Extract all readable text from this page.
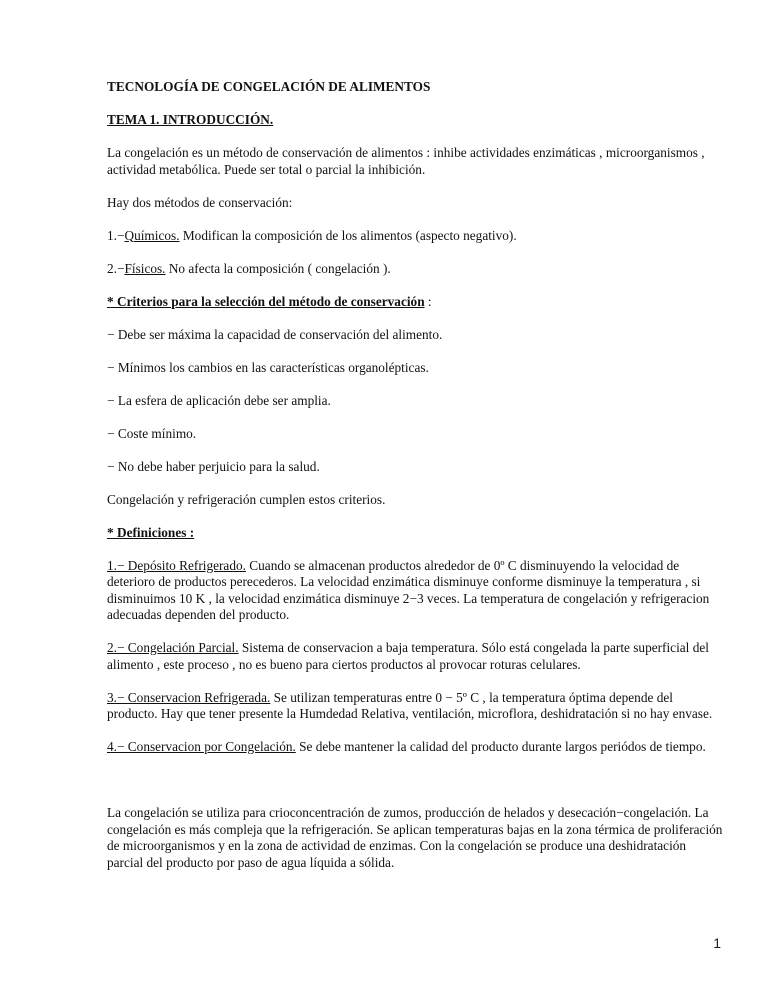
TECNOLOGÍA DE CONGELACIÓN DE ALIMENTOS

TEMA 1. INTRODUCCIÓN.

La congelación es un método de conservación de alimentos : inhibe actividades enzimáticas , microorganismos , actividad metabólica. Puede ser total o parcial la inhibición.

Hay dos métodos de conservación:

1.−Químicos. Modifican la composición de los alimentos (aspecto negativo).

2.−Físicos. No afecta la composición ( congelación ).

* Criterios para la selección del método de conservación :

− Debe ser máxima la capacidad de conservación del alimento.

− Mínimos los cambios en las características organolépticas.

− La esfera de aplicación debe ser amplia.

− Coste mínimo.

− No debe haber perjuicio para la salud.

Congelación y refrigeración cumplen estos criterios.

* Definiciones :

1.− Depósito Refrigerado. Cuando se almacenan productos alrededor de 0º C disminuyendo la velocidad de deterioro de productos perecederos. La velocidad enzimática disminuye conforme disminuye la temperatura , si disminuimos 10 K , la velocidad enzimática disminuye 2−3 veces. La temperatura de congelación y refrigeracion adecuadas dependen del producto.

2.− Congelación Parcial. Sistema de conservacion a baja temperatura. Sólo está congelada la parte superficial del alimento , este proceso , no es bueno para ciertos productos al provocar roturas celulares.

3.− Conservacion Refrigerada. Se utilizan temperaturas entre 0 − 5º C , la temperatura óptima depende del producto. Hay que tener presente la Humdedad Relativa, ventilación, microflora, deshidratación si no hay envase.

4.− Conservacion por Congelación. Se debe mantener la calidad del producto durante largos periódos de tiempo.

La congelación se utiliza para crioconcentración de zumos, producción de helados y desecación−congelación. La congelación es más compleja que la refrigeración. Se aplican temperaturas bajas en la zona térmica de proliferación de microorganismos y en la zona de actividad de enzimas. Con la congelación se produce una deshidratación parcial del producto por paso de agua líquida a sólida.

1
